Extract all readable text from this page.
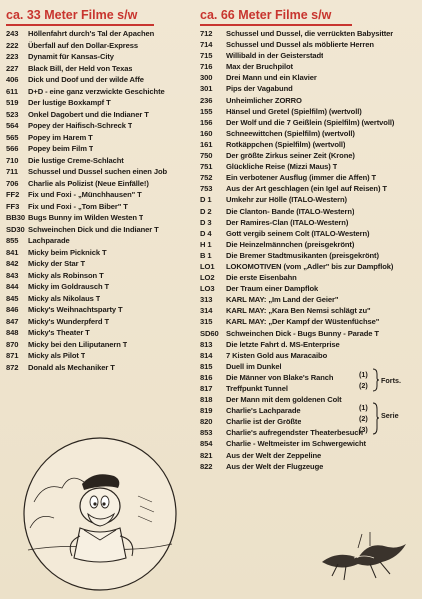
ca. 33 Meter Filme s/w
243	Höllenfahrt durch's Tal der Apachen
222	Überfall auf den Dollar-Express
223	Dynamit für Kansas-City
227	Black Bill, der Held von Texas
406	Dick und Doof und der wilde Affe
611	D+D - eine ganz verzwickte Geschichte
519	Der lustige Boxkampf T
523	Onkel Dagobert und die Indianer T
564	Popey der Haifisch-Schreck T
565	Popey im Harem T
566	Popey beim Film T
710	Die lustige Creme-Schlacht
711	Schussel und Dussel suchen einen Job
706	Charlie als Polizist (Neue Einfälle!)
FF2	Fix und Foxi - „Münchhausen" T
FF3	Fix und Foxi - „Tom Biber" T
BB30 Bugs Bunny im Wilden Westen T
SD30 Schweinchen Dick und die Indianer T
855	Lachparade
841	Micky beim Picknick T
842	Micky der Star T
843	Micky als Robinson T
844	Micky im Goldrausch T
845	Micky als Nikolaus T
846	Micky's Weihnachtsparty T
847	Micky's Wunderpferd T
848	Micky's Theater T
870	Micky bei den Liliputanern T
871	Micky als Pilot T
872	Donald als Mechaniker T
ca. 66 Meter Filme s/w
712	Schussel und Dussel, die verrückten Babysitter
714	Schussel und Dussel als möblierte Herren
715	Willibald in der Geisterstadt
716	Max der Bruchpilot
300	Drei Mann und ein Klavier
301	Pips der Vagabund
236	Unheimlicher ZORRO
155	Hänsel und Gretel (Spielfilm) (wertvoll)
156	Der Wolf und die 7 Geißlein (Spielfilm) (wertvoll)
160	Schneewittchen (Spielfilm) (wertvoll)
161	Rotkäppchen (Spielfilm) (wertvoll)
750	Der größte Zirkus seiner Zeit (Krone)
751	Glückliche Reise (Mizzi Maus) T
752	Ein verbotener Ausflug (immer die Affen) T
753	Aus der Art geschlagen (ein Igel auf Reisen) T
D 1	Umkehr zur Hölle (ITALO-Western)
D 2	Die Clanton- Bande (ITALO-Western)
D 3	Der Ramires-Clan (ITALO-Western)
D 4	Gott vergib seinem Colt (ITALO-Western)
H 1	Die Heinzelmännchen (preisgekrönt)
B 1	Die Bremer Stadtmusikanten (preisgekrönt)
LO1	LOKOMOTIVEN (vom „Adler" bis zur Dampflok)
LO2	Die erste Eisenbahn
LO3	Der Traum einer Dampflok
313	KARL MAY: „Im Land der Geier"
314	KARL MAY: „Kara Ben Nemsi schlägt zu"
315	KARL MAY: „Der Kampf der Wüstenfüchse"
SD60 Schweinchen Dick - Bugs Bunny - Parade T
813	Die letzte Fahrt d. MS-Enterprise
814	7 Kisten Gold aus Maracaibo
815	Duell im Dunkel
816	Die Männer von Blake's Ranch
817	Treffpunkt Tunnel
818	Der Mann mit dem goldenen Colt
819	Charlie's Lachparade
820	Charlie ist der Größte
853	Charlie's aufregendster Theaterbesuch
854	Charlie - Weltmeister im Schwergewicht
821	Aus der Welt der Zeppeline
822	Aus der Welt der Flugzeuge
(1)
(2)
Forts.
(1)
(2)
(3)
Serie
